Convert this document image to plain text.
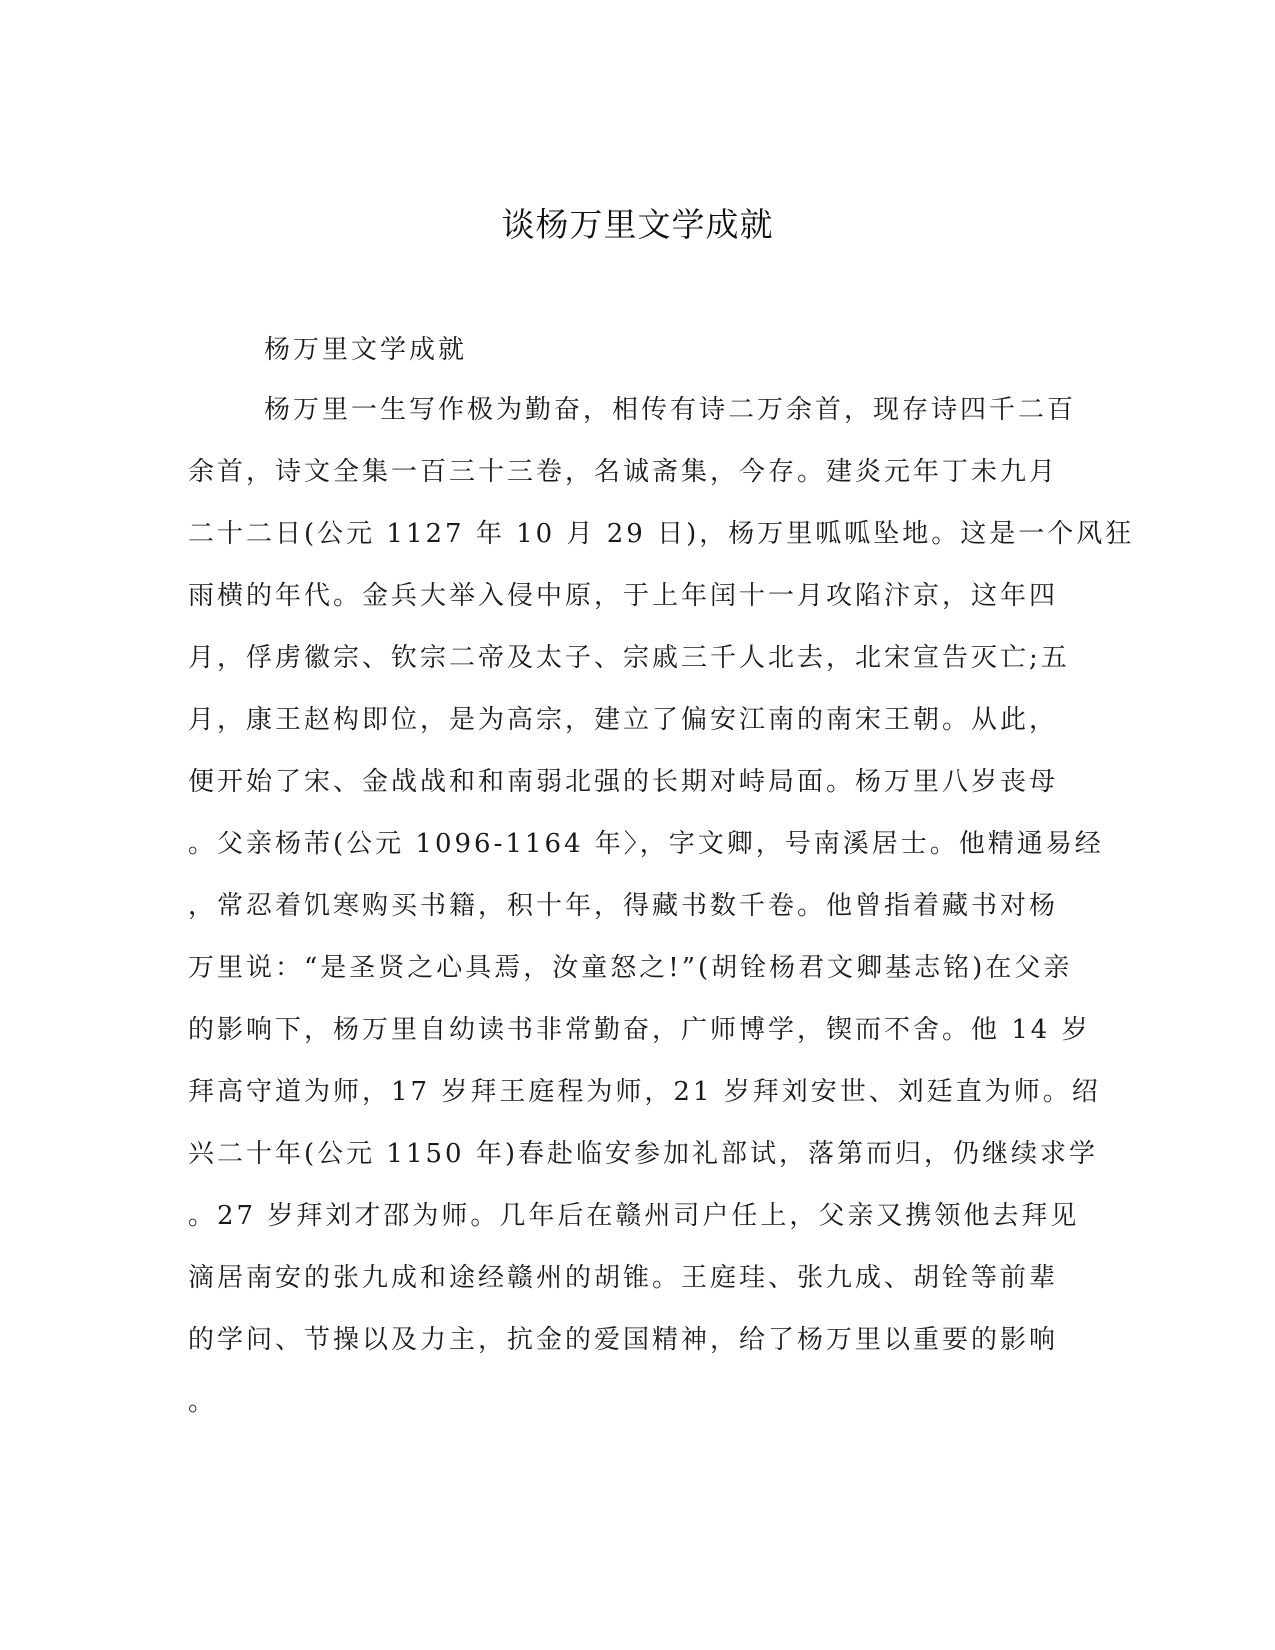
谈杨万里文学成就
杨万里文学成就
杨万里一生写作极为勤奋，相传有诗二万余首，现存诗四千二百
余首，诗文全集一百三十三卷，名诚斋集，今存。建炎元年丁未九月
二十二日(公元 1127 年 10 月 29 日)，杨万里呱呱坠地。这是一个风狂
雨横的年代。金兵大举入侵中原，于上年闰十一月攻陷汴京，这年四
月，俘虏徽宗、钦宗二帝及太子、宗戚三千人北去，北宋宣告灭亡;五
月，康王赵构即位，是为高宗，建立了偏安江南的南宋王朝。从此，
便开始了宋、金战战和和南弱北强的长期对峙局面。杨万里八岁丧母
。父亲杨芾(公元 1096-1164 年〉，字文卿，号南溪居士。他精通易经
，常忍着饥寒购买书籍，积十年，得藏书数千卷。他曾指着藏书对杨
万里说：“是圣贤之心具焉，汝童怒之!”(胡铨杨君文卿基志铭)在父亲
的影响下，杨万里自幼读书非常勤奋，广师博学，锲而不舍。他 14 岁
拜高守道为师，17 岁拜王庭程为师，21 岁拜刘安世、刘廷直为师。绍
兴二十年(公元 1150 年)春赴临安参加礼部试，落第而归，仍继续求学
。27 岁拜刘才邵为师。几年后在赣州司户任上，父亲又携领他去拜见
滴居南安的张九成和途经赣州的胡锥。王庭珪、张九成、胡铨等前辈
的学问、节操以及力主，抗金的爱国精神，给了杨万里以重要的影响
。
